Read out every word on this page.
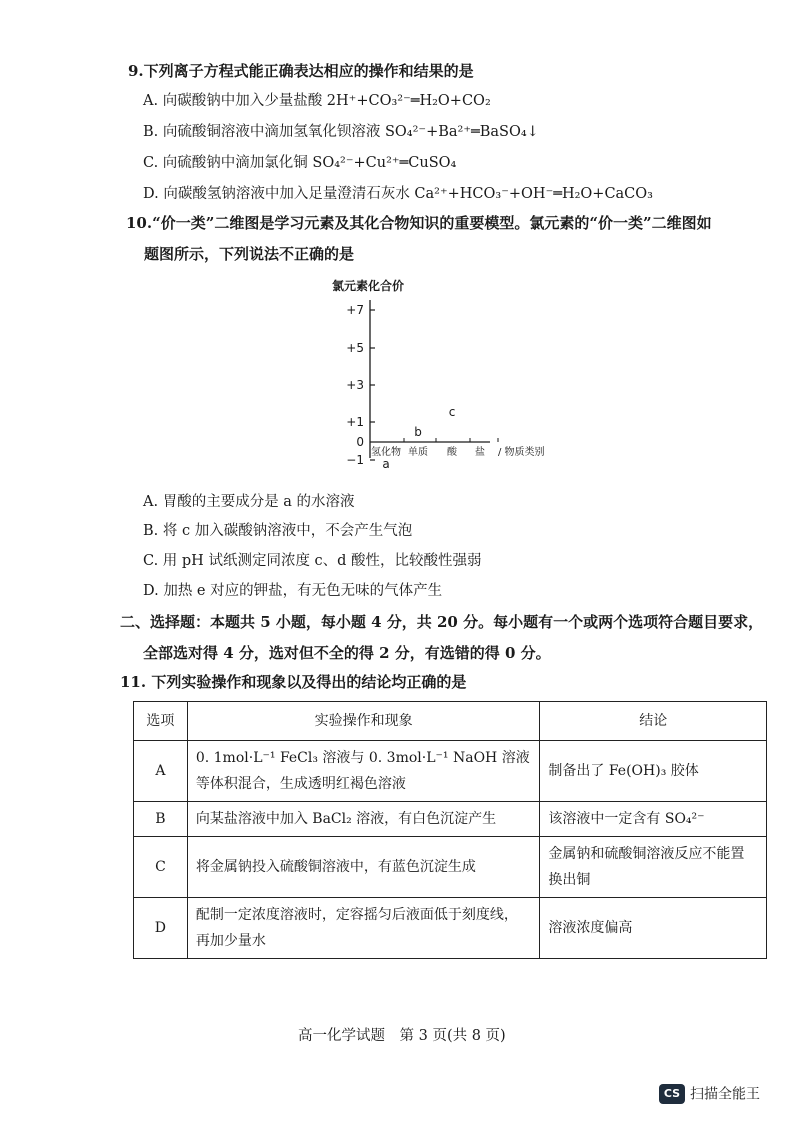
9.下列离子方程式能正确表达相应的操作和结果的是
A. 向碳酸钠中加入少量盐酸 2H⁺+CO₃²⁻═H₂O+CO₂
B. 向硫酸铜溶液中滴加氢氧化钡溶液 SO₄²⁻+Ba²⁺═BaSO₄↓
C. 向硫酸钠中滴加氯化铜 SO₄²⁻+Cu²⁺═CuSO₄
D. 向碳酸氢钠溶液中加入足量澄清石灰水 Ca²⁺+HCO₃⁻+OH⁻═H₂O+CaCO₃
10.“价一类”二维图是学习元素及其化合物知识的重要模型。氯元素的“价一类”二维图如
题图所示，下列说法不正确的是
氯元素化合价
+7
+5
+3
+1
0
−1
氢化物 单质 酸 盐 / 物质类别
a
b
c
A. 胃酸的主要成分是 a 的水溶液
B. 将 c 加入碳酸钠溶液中，不会产生气泡
C. 用 pH 试纸测定同浓度 c、d 酸性，比较酸性强弱
D. 加热 e 对应的钾盐，有无色无味的气体产生
二、选择题：本题共 5 小题，每小题 4 分，共 20 分。每小题有一个或两个选项符合题目要求，
全部选对得 4 分，选对但不全的得 2 分，有选错的得 0 分。
11. 下列实验操作和现象以及得出的结论均正确的是
选项	实验操作和现象	结论
A	0. 1mol·L⁻¹ FeCl₃ 溶液与 0. 3mol·L⁻¹ NaOH 溶液等体积混合，生成透明红褐色溶液	制备出了 Fe(OH)₃ 胶体
B	向某盐溶液中加入 BaCl₂ 溶液，有白色沉淀产生	该溶液中一定含有 SO₄²⁻
C	将金属钠投入硫酸铜溶液中，有蓝色沉淀生成	金属钠和硫酸铜溶液反应不能置换出铜
D	配制一定浓度溶液时，定容摇匀后液面低于刻度线，再加少量水	溶液浓度偏高
高一化学试题　第 3 页(共 8 页)
CS 扫描全能王
